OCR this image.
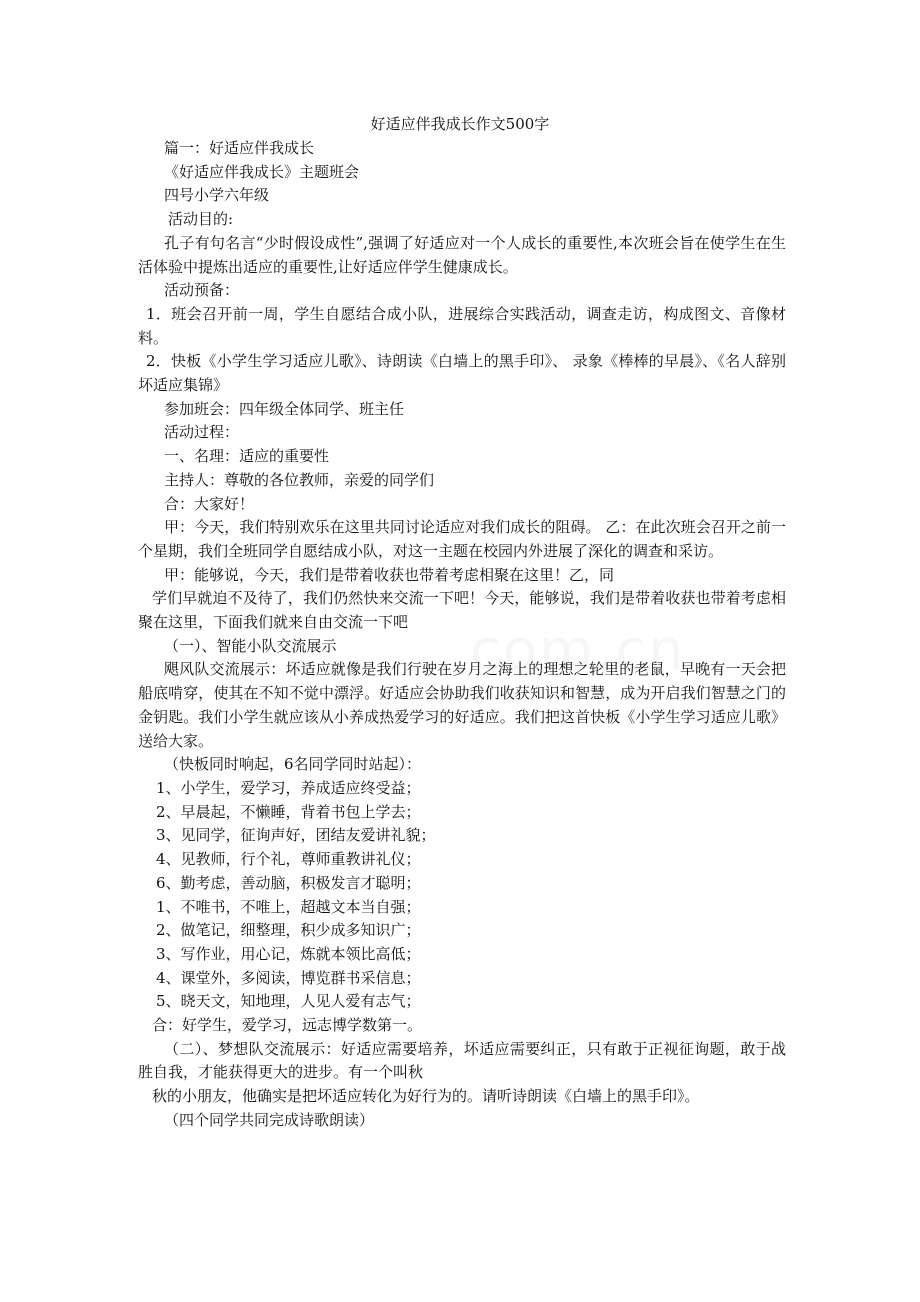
好适应伴我成长作文500字

篇一：好适应伴我成长

《好适应伴我成长》主题班会

四号小学六年级

活动目的:

孔子有句名言“少时假设成性”,强调了好适应对一个人成长的重要性,本次班会旨在使学生在生活体验中提炼出适应的重要性,让好适应伴学生健康成长。

活动预备：

1．班会召开前一周，学生自愿结合成小队，进展综合实践活动，调查走访，构成图文、音像材料。

2．快板《小学生学习适应儿歌》、诗朗读《白墙上的黑手印》、 录象《棒棒的早晨》、《名人辞别坏适应集锦》

参加班会：四年级全体同学、班主任

活动过程：

一、名理：适应的重要性

主持人：尊敬的各位教师，亲爱的同学们

合：大家好！

甲：今天，我们特别欢乐在这里共同讨论适应对我们成长的阻碍。 乙：在此次班会召开之前一个星期，我们全班同学自愿结成小队，对这一主题在校园内外进展了深化的调查和采访。

甲：能够说，今天，我们是带着收获也带着考虑相聚在这里！乙，同

学们早就迫不及待了，我们仍然快来交流一下吧！今天，能够说，我们是带着收获也带着考虑相聚在这里，下面我们就来自由交流一下吧

（一）、智能小队交流展示

飓风队交流展示：坏适应就像是我们行驶在岁月之海上的理想之轮里的老鼠，早晚有一天会把船底啃穿，使其在不知不觉中漂浮。好适应会协助我们收获知识和智慧，成为开启我们智慧之门的金钥匙。我们小学生就应该从小养成热爱学习的好适应。我们把这首快板《小学生学习适应儿歌》送给大家。

（快板同时响起，6名同学同时站起）：

1、小学生，爱学习，养成适应终受益；

2、早晨起，不懒睡，背着书包上学去；

3、见同学，征询声好，团结友爱讲礼貌；

4、见教师，行个礼，尊师重教讲礼仪；

6、勤考虑，善动脑，积极发言才聪明；

1、不唯书，不唯上，超越文本当自强；

2、做笔记，细整理，积少成多知识广；

3、写作业，用心记，炼就本领比高低；

4、课堂外，多阅读，博览群书采信息；

5、晓天文，知地理，人见人爱有志气；

合：好学生，爱学习，远志博学数第一。

（二）、梦想队交流展示：好适应需要培养，坏适应需要纠正，只有敢于正视征询题，敢于战胜自我，才能获得更大的进步。有一个叫秋

秋的小朋友，他确实是把坏适应转化为好行为的。请听诗朗读《白墙上的黑手印》。

（四个同学共同完成诗歌朗读）
